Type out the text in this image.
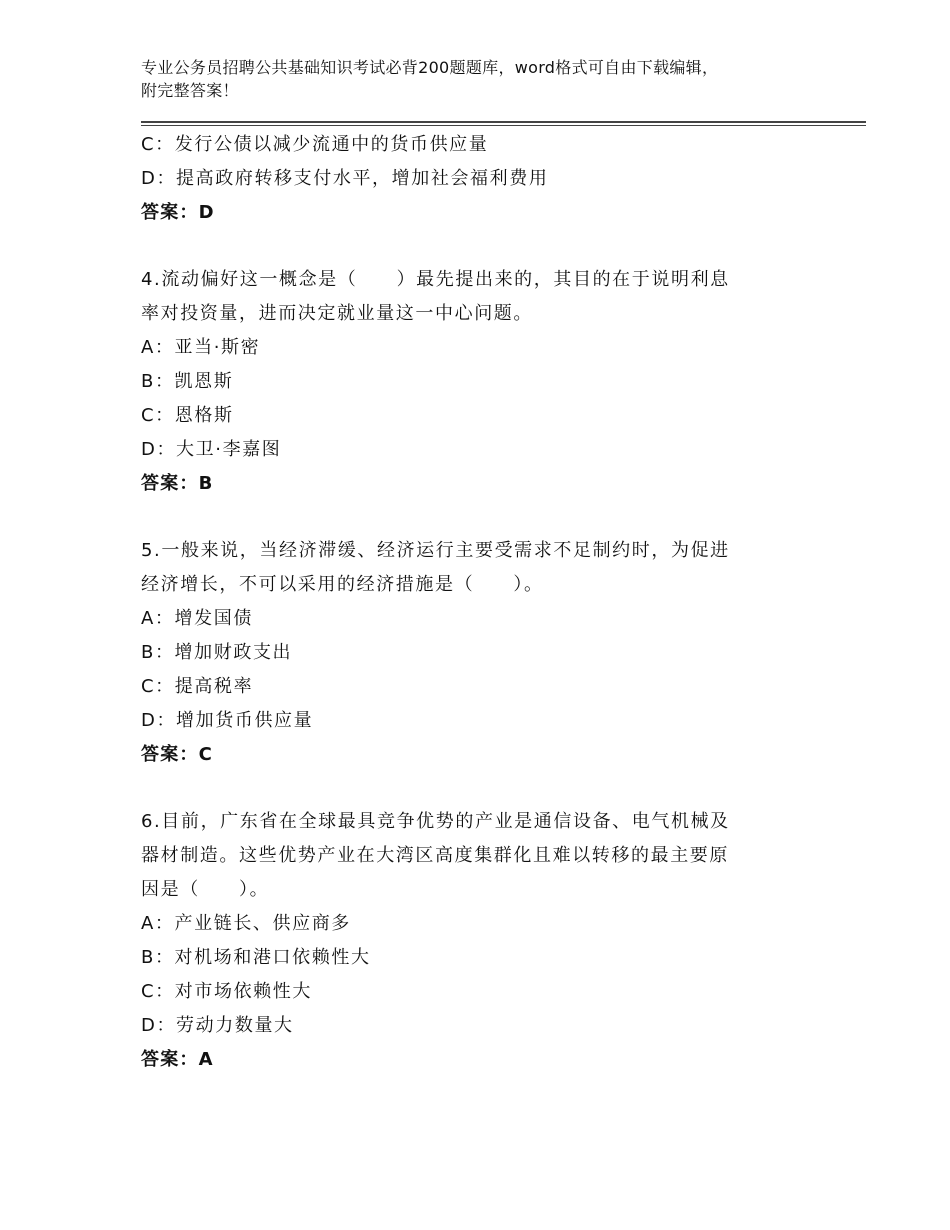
专业公务员招聘公共基础知识考试必背200题题库，word格式可自由下载编辑，
附完整答案！
C：发行公债以减少流通中的货币供应量
D：提高政府转移支付水平，增加社会福利费用
答案：D
4.流动偏好这一概念是（　　）最先提出来的，其目的在于说明利息
率对投资量，进而决定就业量这一中心问题。
A：亚当·斯密
B：凯恩斯
C：恩格斯
D：大卫·李嘉图
答案：B
5.一般来说，当经济滞缓、经济运行主要受需求不足制约时，为促进
经济增长，不可以采用的经济措施是（　　）。
A：增发国债
B：增加财政支出
C：提高税率
D：增加货币供应量
答案：C
6.目前，广东省在全球最具竞争优势的产业是通信设备、电气机械及
器材制造。这些优势产业在大湾区高度集群化且难以转移的最主要原
因是（　　）。
A：产业链长、供应商多
B：对机场和港口依赖性大
C：对市场依赖性大
D：劳动力数量大
答案：A
